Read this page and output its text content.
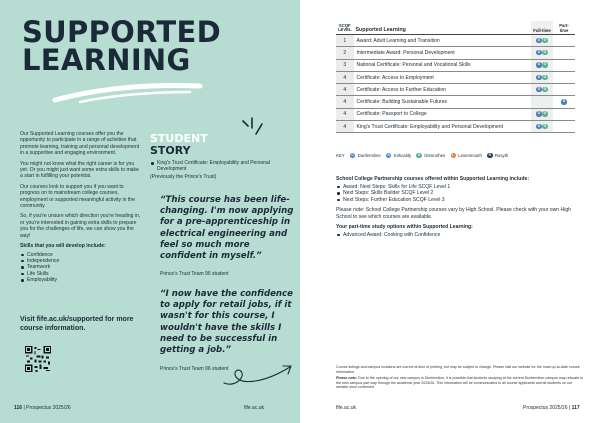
SUPPORTED
LEARNING

Our Supported Learning courses offer you the opportunity to participate in a range of activities that promote learning, training and personal development in a supportive and engaging environment.

You might not know what the right career is for you yet. Or you might just want some extra skills to make a start in fulfilling your potential.

Our courses look to support you if you want to progress on to mainstream college courses, employment or supported meaningful activity in the community.

So, if you're unsure which direction you're heading in, or you're interested in gaining extra skills to prepare you for the challenges of life, we can show you the way!

Skills that you will develop include:
Confidence
Independence
Teamwork
Life Skills
Employability
Visit fife.ac.uk/supported for more course information.
STUDENT
STORY
King's Trust Certificate: Employability and Personal Development
(Previously the Prince's Trust)
“This course has been life-changing. I'm now applying for a pre-apprenticeship in electrical engineering and feel so much more confident in myself.”
Prince's Trust Team 96 student
“I now have the confidence to apply for retail jobs, if it wasn't for this course, I wouldn't have the skills I need to be successful in getting a job.”
Prince's Trust Team 96 student
116 | Prospectus 2025/26	fife.ac.uk
SCQF LEVEL	Supported Learning	Full-time	Part-time
1	Award: Adult Learning and Transition	D G	
2	Intermediate Award: Personal Development	D G	
3	National Certificate: Personal and Vocational Skills	D G	
4	Certificate: Access to Employment	D G	
4	Certificate: Access to Further Education	D G	
4	Certificate: Building Sustainable Futures		D
4	Certificate: Passport to College	D G	
4	King's Trust Certificate: Employability and Personal Development	D G	
KEY	D Dunfermline	K Kirkcaldy	G Glenrothes	L Levenmouth	R Rosyth
School College Partnership courses offered within Supported Learning include:
Award: Next Steps: Skills for Life SCQF Level 1
Next Steps: Skills Builder SCQF Level 2
Next Steps: Further Education SCQF Level 3

Please note: School College Partnership courses vary by High School. Please check with your own High School to see which courses are available.

Your part-time study options within Supported Learning:
Advanced Award: Cooking with Confidence

Course listings and campus locations are correct at time of printing, but may be subject to change. Please visit our website for the most up-to-date course information.

Please note: Due to the opening of our new campus in Dunfermline, it is possible that students studying at the current Dunfermline campus may relocate to the new campus part way through the academic year 2025/26. This information will be communicated to all course applicants and all students on our website once confirmed.

fife.ac.uk	Prospectus 2025/26 | 117
